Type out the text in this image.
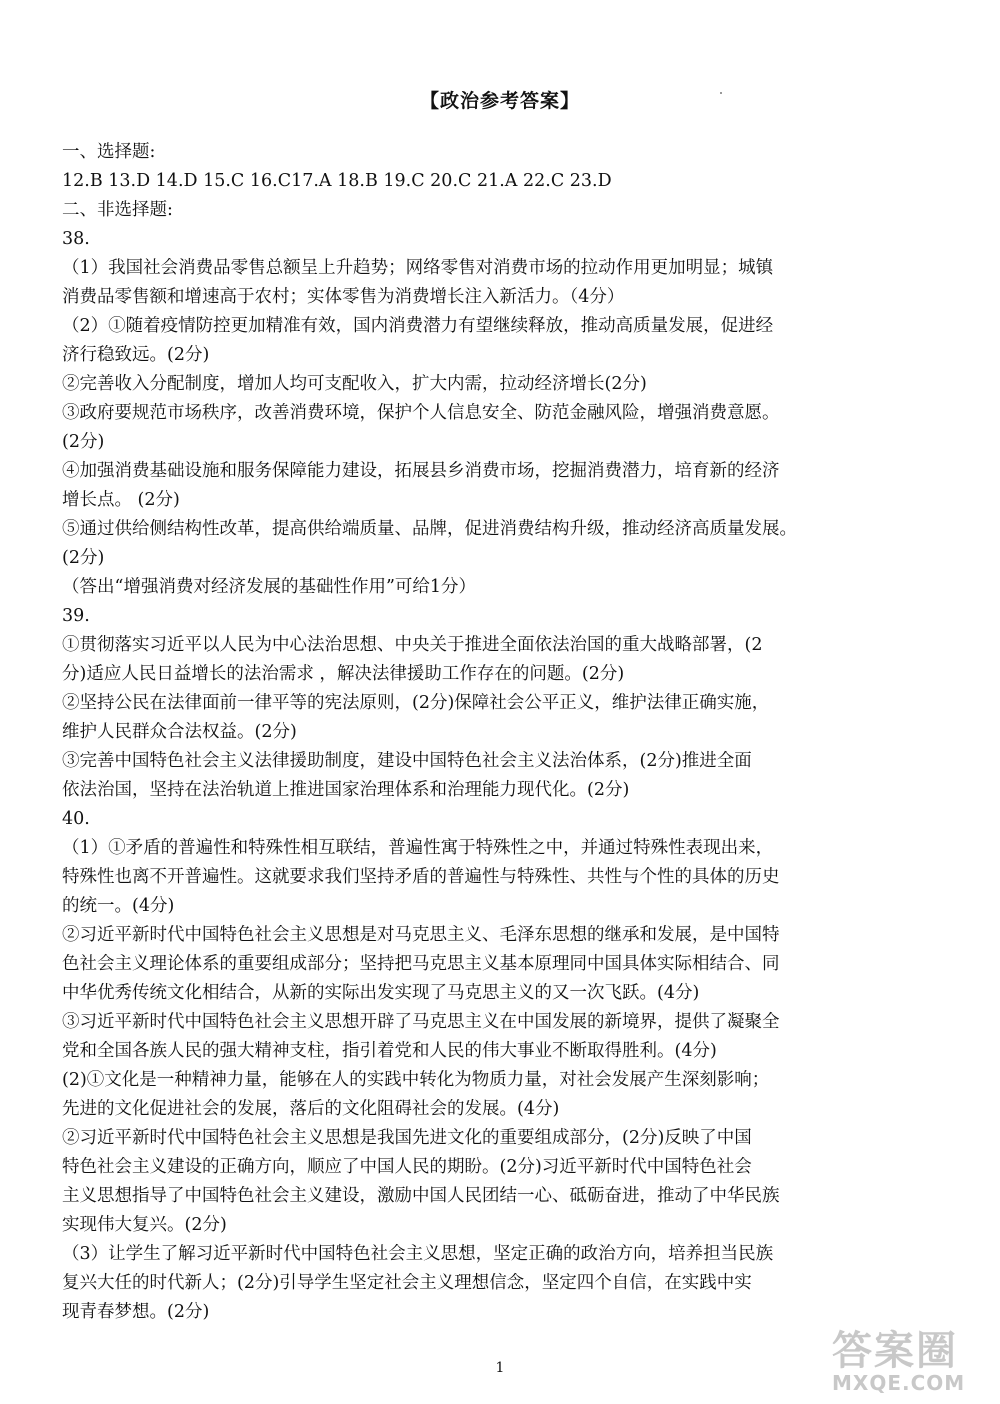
【政治参考答案】
一、选择题:
12.B 13.D 14.D 15.C 16.C17.A 18.B 19.C 20.C 21.A 22.C 23.D
二、非选择题:
38.
（1）我国社会消费品零售总额呈上升趋势；网络零售对消费市场的拉动作用更加明显；城镇
消费品零售额和增速高于农村；实体零售为消费增长注入新活力。（4分）
（2）①随着疫情防控更加精准有效，国内消费潜力有望继续释放，推动高质量发展，促进经
济行稳致远。(2分)
②完善收入分配制度，增加人均可支配收入，扩大内需，拉动经济增长(2分)
③政府要规范市场秩序，改善消费环境，保护个人信息安全、防范金融风险，增强消费意愿。
(2分)
④加强消费基础设施和服务保障能力建设，拓展县乡消费市场，挖掘消费潜力，培育新的经济
增长点。 (2分)
⑤通过供给侧结构性改革，提高供给端质量、品牌，促进消费结构升级，推动经济高质量发展。
(2分)
（答出“增强消费对经济发展的基础性作用”可给1分）
39.
①贯彻落实习近平以人民为中心法治思想、中央关于推进全面依法治国的重大战略部署，(2
分)适应人民日益增长的法治需求 ，解决法律援助工作存在的问题。(2分)
②坚持公民在法律面前一律平等的宪法原则，(2分)保障社会公平正义，维护法律正确实施，
维护人民群众合法权益。(2分)
③完善中国特色社会主义法律援助制度，建设中国特色社会主义法治体系，(2分)推进全面
依法治国，坚持在法治轨道上推进国家治理体系和治理能力现代化。(2分)
40.
（1）①矛盾的普遍性和特殊性相互联结，普遍性寓于特殊性之中，并通过特殊性表现出来，
特殊性也离不开普遍性。这就要求我们坚持矛盾的普遍性与特殊性、共性与个性的具体的历史
的统一。(4分)
②习近平新时代中国特色社会主义思想是对马克思主义、毛泽东思想的继承和发展，是中国特
色社会主义理论体系的重要组成部分；坚持把马克思主义基本原理同中国具体实际相结合、同
中华优秀传统文化相结合，从新的实际出发实现了马克思主义的又一次飞跃。(4分)
③习近平新时代中国特色社会主义思想开辟了马克思主义在中国发展的新境界，提供了凝聚全
党和全国各族人民的强大精神支柱，指引着党和人民的伟大事业不断取得胜利。(4分)
(2)①文化是一种精神力量，能够在人的实践中转化为物质力量，对社会发展产生深刻影响；
先进的文化促进社会的发展，落后的文化阻碍社会的发展。(4分)
②习近平新时代中国特色社会主义思想是我国先进文化的重要组成部分，(2分)反映了中国
特色社会主义建设的正确方向，顺应了中国人民的期盼。(2分)习近平新时代中国特色社会
主义思想指导了中国特色社会主义建设，激励中国人民团结一心、砥砺奋进，推动了中华民族
实现伟大复兴。(2分)
（3）让学生了解习近平新时代中国特色社会主义思想，坚定正确的政治方向，培养担当民族
复兴大任的时代新人；(2分)引导学生坚定社会主义理想信念，坚定四个自信，在实践中实
现青春梦想。(2分)
1	答案圈
MXQE.COM
